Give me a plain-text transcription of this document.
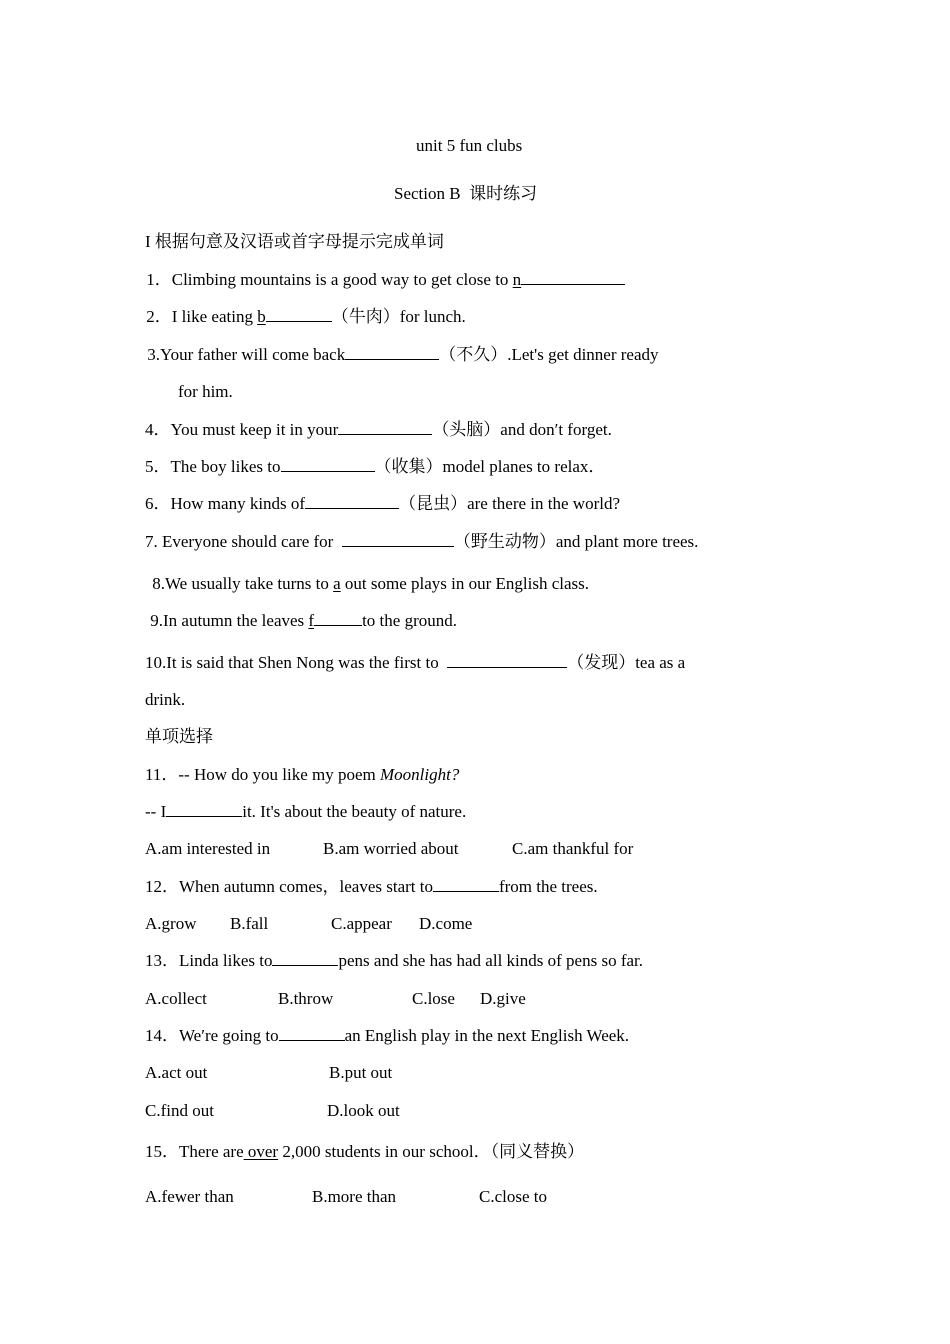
unit 5 fun clubs
Section B  课时练习
I 根据句意及汉语或首字母提示完成单词
1．Climbing mountains is a good way to get close to n
2．I like eating b	（牛肉）for lunch.
3.Your father will come back	（不久）.Let's get dinner ready
for him.
4．You must keep it in your	（头脑）and don′t forget.
5．The boy likes to	（收集）model planes to relax．
6．How many kinds of	（昆虫）are there in the world?
7. Everyone should care for	（野生动物）and plant more trees.
8.We usually take turns to a out some plays in our English class.
9.In autumn the leaves f	to the ground.
10.It is said that Shen Nong was the first to	（发现）tea as a
drink.
单项选择
11．-- How do you like my poem Moonlight?
-- I	it. It's about the beauty of nature.
A.am interested in	B.am worried about	C.am thankful for
12．When autumn comes，leaves start to	from the trees.
A.grow B.fall	C.appear D.come
13．Linda likes to	pens and she has had all kinds of pens so far.
A.collect	B.throw	C.lose D.give
14．We′re going to	an English play in the next English Week.
A.act out	B.put out
C.find out	D.look out
15．There are over 2,000 students in our school．（同义替换）
A.fewer than	B.more than	C.close to
